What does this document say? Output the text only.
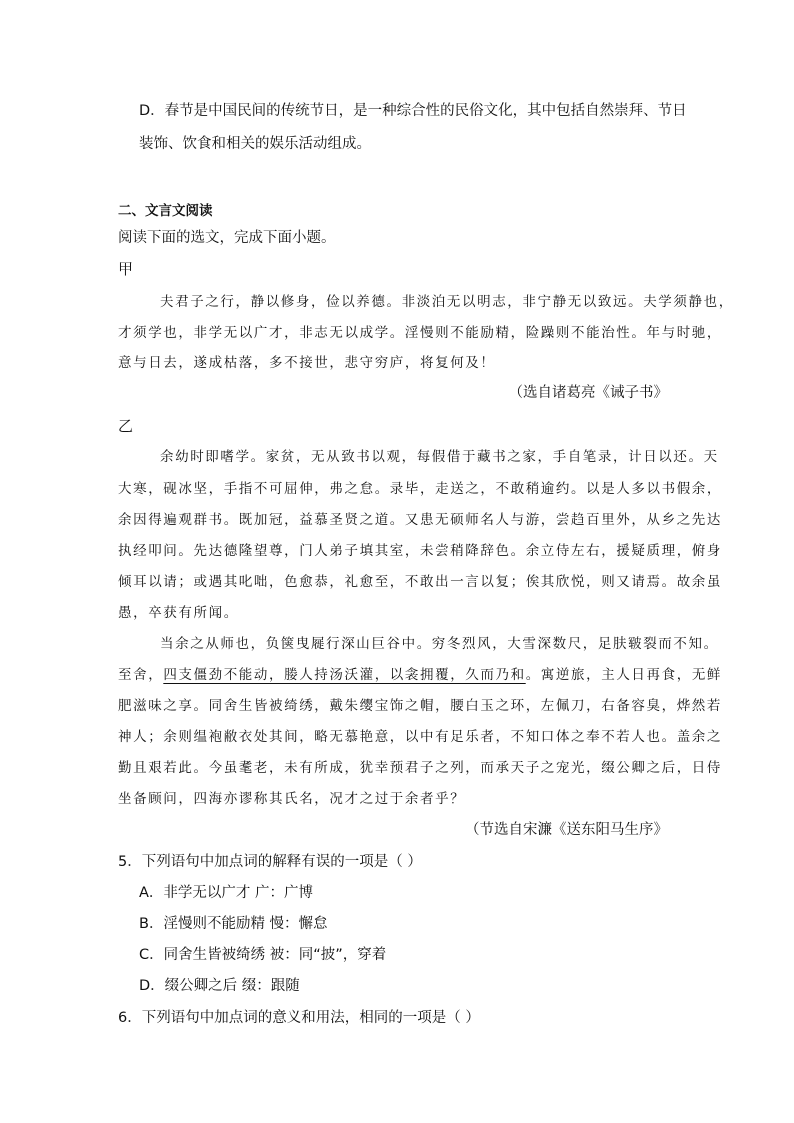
D．春节是中国民间的传统节日，是一种综合性的民俗文化，其中包括自然崇拜、节日
装饰、饮食和相关的娱乐活动组成。
二、文言文阅读
阅读下面的选文，完成下面小题。
甲
夫君子之行，静以修身，俭以养德。非淡泊无以明志，非宁静无以致远。夫学须静也，
才须学也，非学无以广才，非志无以成学。淫慢则不能励精，险躁则不能治性。年与时驰，
意与日去，遂成枯落，多不接世，悲守穷庐，将复何及！
（选自诸葛亮《诫子书》
乙
余幼时即嗜学。家贫，无从致书以观，每假借于藏书之家，手自笔录，计日以还。天
大寒，砚冰坚，手指不可屈伸，弗之怠。录毕，走送之，不敢稍逾约。以是人多以书假余，
余因得遍观群书。既加冠，益慕圣贤之道。又患无硕师名人与游，尝趋百里外，从乡之先达
执经叩问。先达德隆望尊，门人弟子填其室，未尝稍降辞色。余立侍左右，援疑质理，俯身
倾耳以请；或遇其叱咄，色愈恭，礼愈至，不敢出一言以复；俟其欣悦，则又请焉。故余虽
愚，卒获有所闻。
当余之从师也，负箧曳屣行深山巨谷中。穷冬烈风，大雪深数尺，足肤皲裂而不知。
至舍，四支僵劲不能动，媵人持汤沃灌，以衾拥覆，久而乃和。寓逆旅，主人日再食，无鲜
肥滋味之享。同舍生皆被绮绣，戴朱缨宝饰之帽，腰白玉之环，左佩刀，右备容臭，烨然若
神人；余则缊袍敝衣处其间，略无慕艳意，以中有足乐者，不知口体之奉不若人也。盖余之
勤且艰若此。今虽耄老，未有所成，犹幸预君子之列，而承天子之宠光，缀公卿之后，日侍
坐备顾问，四海亦谬称其氏名，况才之过于余者乎？
（节选自宋濂《送东阳马生序》
5．下列语句中加点词的解释有误的一项是（ ）
A．非学无以广才 广：广博
B．淫慢则不能励精 慢：懈怠
C．同舍生皆被绮绣 被：同“披”，穿着
D．缀公卿之后 缀：跟随
6．下列语句中加点词的意义和用法，相同的一项是（ ）
